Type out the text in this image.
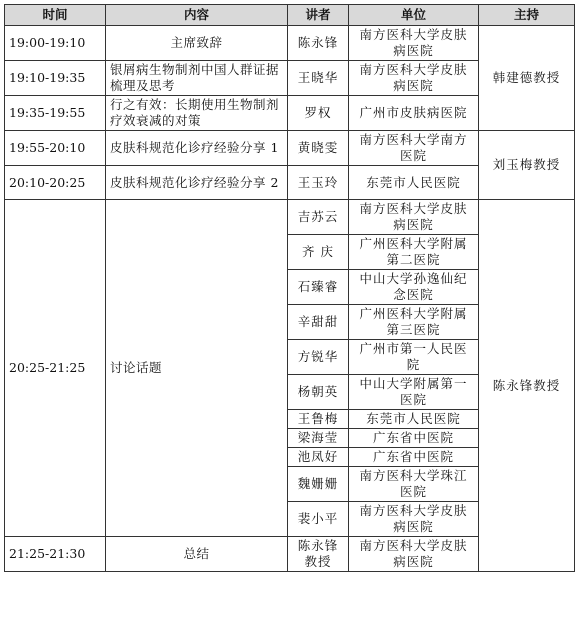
时间	内容	讲者	单位	主持
19:00-19:10	主席致辞	陈永锋	南方医科大学皮肤病医院	韩建德教授
19:10-19:35	银屑病生物制剂中国人群证据梳理及思考	王晓华	南方医科大学皮肤病医院	
19:35-19:55	行之有效：长期使用生物制剂疗效衰减的对策	罗权	广州市皮肤病医院	
19:55-20:10	皮肤科规范化诊疗经验分享 1	黄晓雯	南方医科大学南方医院	刘玉梅教授
20:10-20:25	皮肤科规范化诊疗经验分享 2	王玉玲	东莞市人民医院	
20:25-21:25	讨论话题	吉苏云	南方医科大学皮肤病医院	陈永锋教授
		齐 庆	广州医科大学附属第二医院	
		石臻睿	中山大学孙逸仙纪念医院	
		辛甜甜	广州医科大学附属第三医院	
		方锐华	广州市第一人民医院	
		杨朝英	中山大学附属第一医院	
		王鲁梅	东莞市人民医院	
		梁海莹	广东省中医院	
		池凤好	广东省中医院	
		魏姗姗	南方医科大学珠江医院	
		裴小平	南方医科大学皮肤病医院	
21:25-21:30	总结	陈永锋教授	南方医科大学皮肤病医院	
